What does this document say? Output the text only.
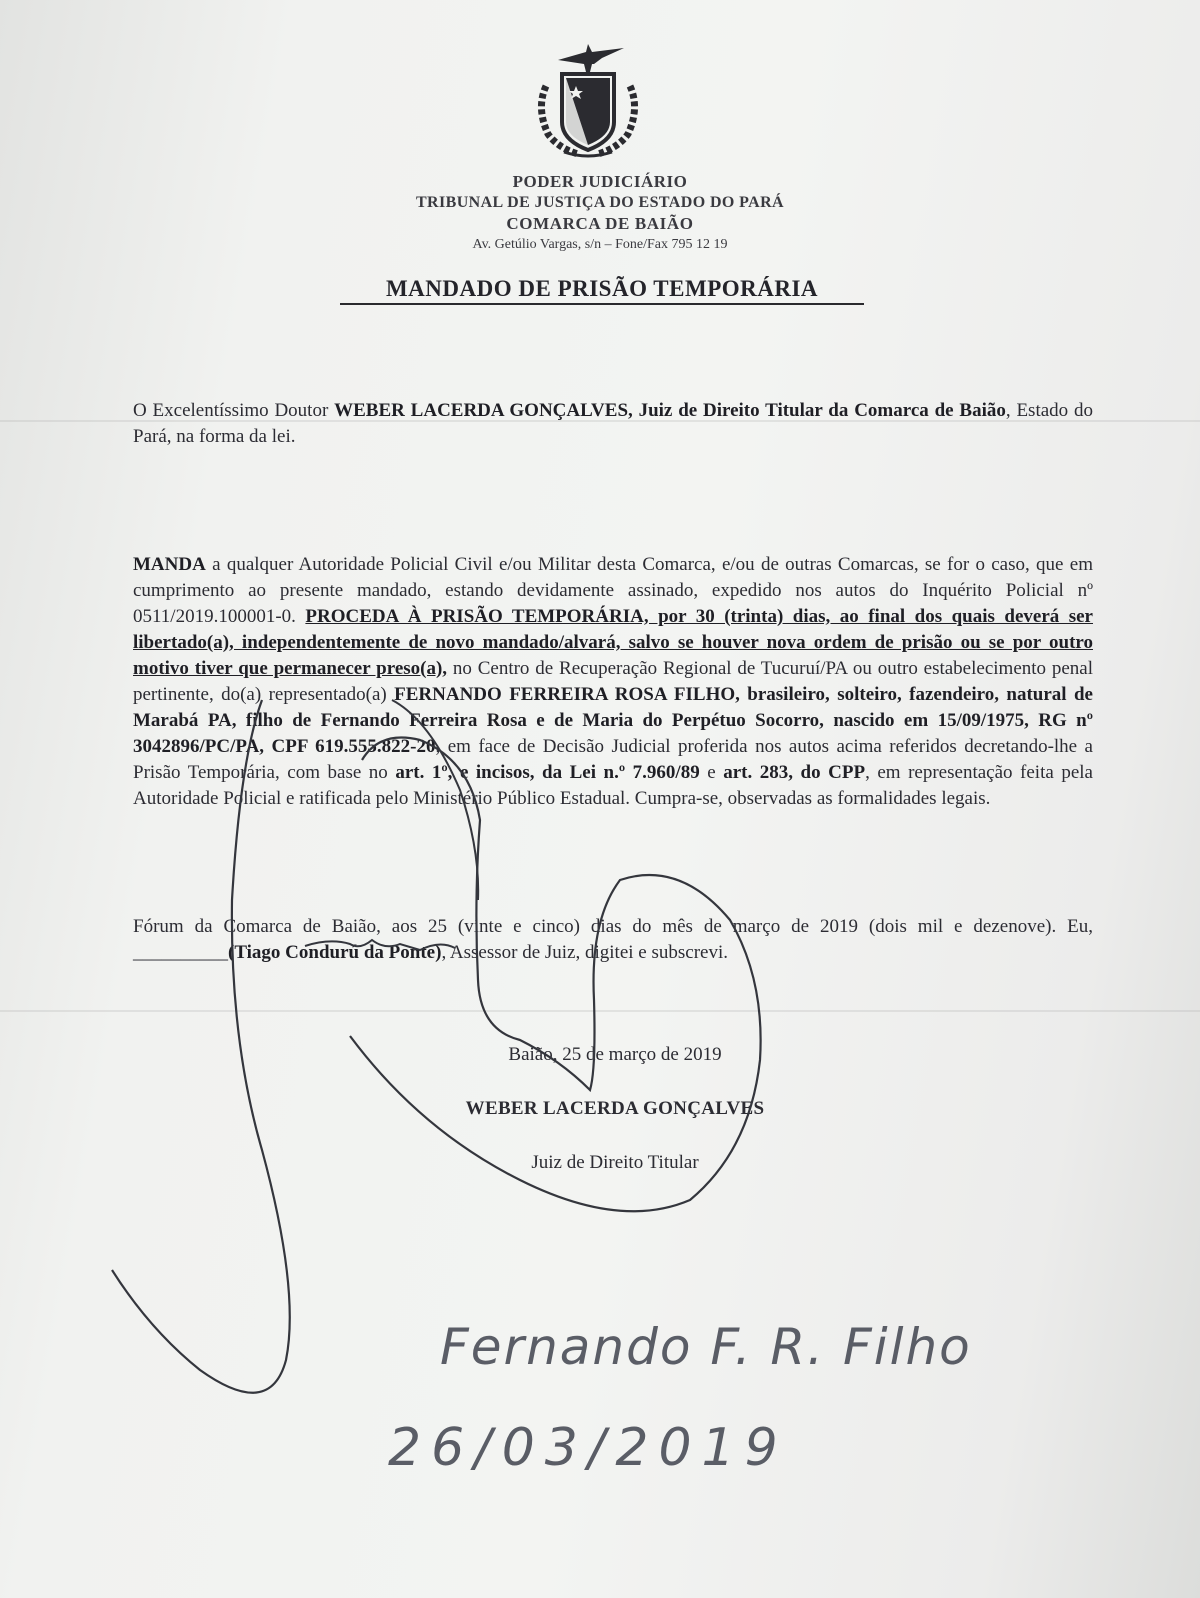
PODER JUDICIÁRIO
TRIBUNAL DE JUSTIÇA DO ESTADO DO PARÁ
COMARCA DE BAIÃO
Av. Getúlio Vargas, s/n – Fone/Fax 795 12 19
MANDADO DE PRISÃO TEMPORÁRIA
O Excelentíssimo Doutor WEBER LACERDA GONÇALVES, Juiz de Direito Titular da Comarca de Baião, Estado do Pará, na forma da lei.
MANDA a qualquer Autoridade Policial Civil e/ou Militar desta Comarca, e/ou de outras Comarcas, se for o caso, que em cumprimento ao presente mandado, estando devidamente assinado, expedido nos autos do Inquérito Policial nº 0511/2019.100001-0. PROCEDA À PRISÃO TEMPORÁRIA, por 30 (trinta) dias, ao final dos quais deverá ser libertado(a), independentemente de novo mandado/alvará, salvo se houver nova ordem de prisão ou se por outro motivo tiver que permanecer preso(a), no Centro de Recuperação Regional de Tucuruí/PA ou outro estabelecimento penal pertinente, do(a) representado(a) FERNANDO FERREIRA ROSA FILHO, brasileiro, solteiro, fazendeiro, natural de Marabá PA, filho de Fernando Ferreira Rosa e de Maria do Perpétuo Socorro, nascido em 15/09/1975, RG nº 3042896/PC/PA, CPF 619.555.822-20, em face de Decisão Judicial proferida nos autos acima referidos decretando-lhe a Prisão Temporária, com base no art. 1º, e incisos, da Lei n.º 7.960/89 e art. 283, do CPP, em representação feita pela Autoridade Policial e ratificada pelo Ministério Público Estadual. Cumpra-se, observadas as formalidades legais.
Fórum da Comarca de Baião, aos 25 (vinte e cinco) dias do mês de março de 2019 (dois mil e dezenove). Eu, __________(Tiago Condurú da Ponte), Assessor de Juiz, digitei e subscrevi.
Baião, 25 de março de 2019
WEBER LACERDA GONÇALVES
Juiz de Direito Titular
Fernando F. R. Filho
26/03/2019
